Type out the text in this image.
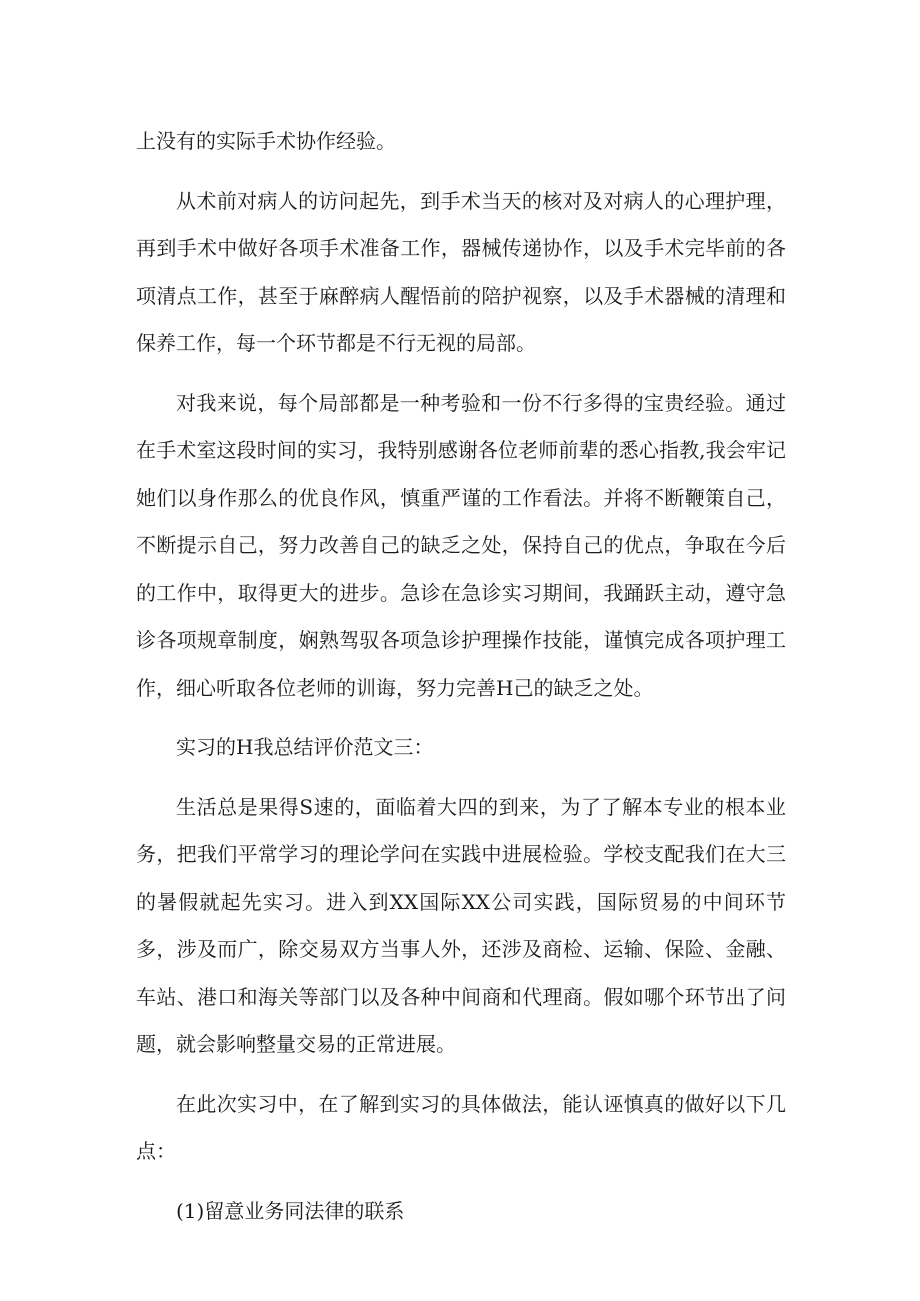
上没有的实际手术协作经验。

从术前对病人的访问起先，到手术当天的核对及对病人的心理护理，再到手术中做好各项手术准备工作，器械传递协作，以及手术完毕前的各项清点工作，甚至于麻醉病人醒悟前的陪护视察，以及手术器械的清理和保养工作，每一个环节都是不行无视的局部。

对我来说，每个局部都是一种考验和一份不行多得的宝贵经验。通过在手术室这段时间的实习，我特别感谢各位老师前辈的悉心指教,我会牢记她们以身作那么的优良作风，慎重严谨的工作看法。并将不断鞭策自己，不断提示自己，努力改善自己的缺乏之处，保持自己的优点，争取在今后的工作中，取得更大的进步。急诊在急诊实习期间，我踊跃主动，遵守急诊各项规章制度，娴熟驾驭各项急诊护理操作技能，谨慎完成各项护理工作，细心听取各位老师的训诲，努力完善H己的缺乏之处。

实习的H我总结评价范文三：

生活总是果得S速的，面临着大四的到来，为了了解本专业的根本业务，把我们平常学习的理论学问在实践中进展检验。学校支配我们在大三的暑假就起先实习。进入到XX国际XX公司实践，国际贸易的中间环节多，涉及而广，除交易双方当事人外，还涉及商检、运输、保险、金融、车站、港口和海关等部门以及各种中间商和代理商。假如哪个环节出了问题，就会影响整量交易的正常进展。

在此次实习中，在了解到实习的具体做法，能认诬慎真的做好以下几点：

(1)留意业务同法律的联系
